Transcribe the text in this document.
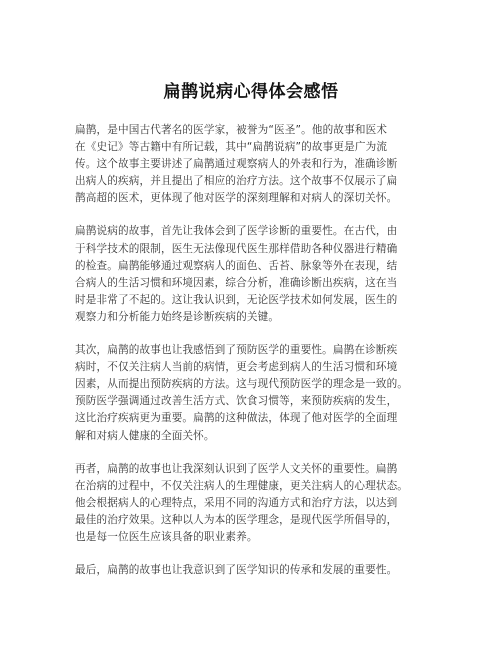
扁鹊说病心得体会感悟

扁鹊，是中国古代著名的医学家，被誉为“医圣”。他的故事和医术
在《史记》等古籍中有所记载，其中“扁鹊说病”的故事更是广为流
传。这个故事主要讲述了扁鹊通过观察病人的外表和行为，准确诊断
出病人的疾病，并且提出了相应的治疗方法。这个故事不仅展示了扁
鹊高超的医术，更体现了他对医学的深刻理解和对病人的深切关怀。

扁鹊说病的故事，首先让我体会到了医学诊断的重要性。在古代，由
于科学技术的限制，医生无法像现代医生那样借助各种仪器进行精确
的检查。扁鹊能够通过观察病人的面色、舌苔、脉象等外在表现，结
合病人的生活习惯和环境因素，综合分析，准确诊断出疾病，这在当
时是非常了不起的。这让我认识到，无论医学技术如何发展，医生的
观察力和分析能力始终是诊断疾病的关键。

其次，扁鹊的故事也让我感悟到了预防医学的重要性。扁鹊在诊断疾
病时，不仅关注病人当前的病情，更会考虑到病人的生活习惯和环境
因素，从而提出预防疾病的方法。这与现代预防医学的理念是一致的。
预防医学强调通过改善生活方式、饮食习惯等，来预防疾病的发生，
这比治疗疾病更为重要。扁鹊的这种做法，体现了他对医学的全面理
解和对病人健康的全面关怀。

再者，扁鹊的故事也让我深刻认识到了医学人文关怀的重要性。扁鹊
在治病的过程中，不仅关注病人的生理健康，更关注病人的心理状态。
他会根据病人的心理特点，采用不同的沟通方式和治疗方法，以达到
最佳的治疗效果。这种以人为本的医学理念，是现代医学所倡导的，
也是每一位医生应该具备的职业素养。

最后，扁鹊的故事也让我意识到了医学知识的传承和发展的重要性。
